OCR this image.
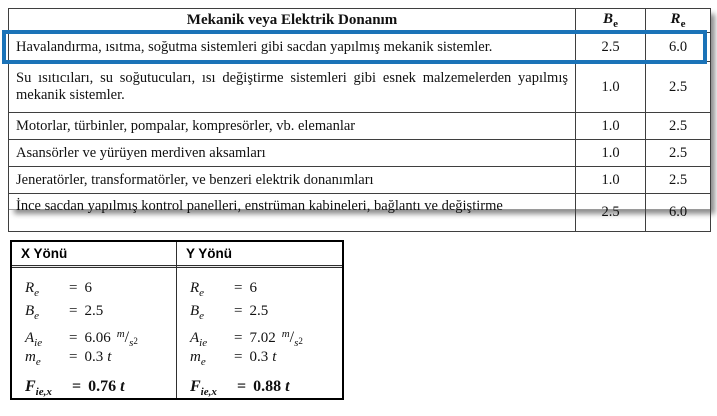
Mekanik veya Elektrik Donanım	$B_e$	$R_e$
Havalandırma, ısıtma, soğutma sistemleri gibi sacdan yapılmış mekanik sistemler.	2.5	6.0
Su ısıtıcıları, su soğutucuları, ısı değiştirme sistemleri gibi esnek malzemelerden yapılmış mekanik sistemler.	1.0	2.5
Motorlar, türbinler, pompalar, kompresörler, vb. elemanlar	1.0	2.5
Asansörler ve yürüyen merdiven aksamları	1.0	2.5
Jeneratörler, transformatörler, ve benzeri elektrik donanımları	1.0	2.5
İnce sacdan yapılmış kontrol panelleri, enstrüman kabineleri, bağlantı ve değiştirme	2.5	6.0
X Yönü
$R_e = 6$
$B_e = 2.5$
$A_{ie} = 6.06$ $^m/_{s^2}$
$m_e = 0.3$ t
$F_{ie,x} = 0.76$ t
Y Yönü
$R_e = 6$
$B_e = 2.5$
$A_{ie} = 7.02$ $^m/_{s^2}$
$m_e = 0.3$ t
$F_{ie,x} = 0.88$ t
